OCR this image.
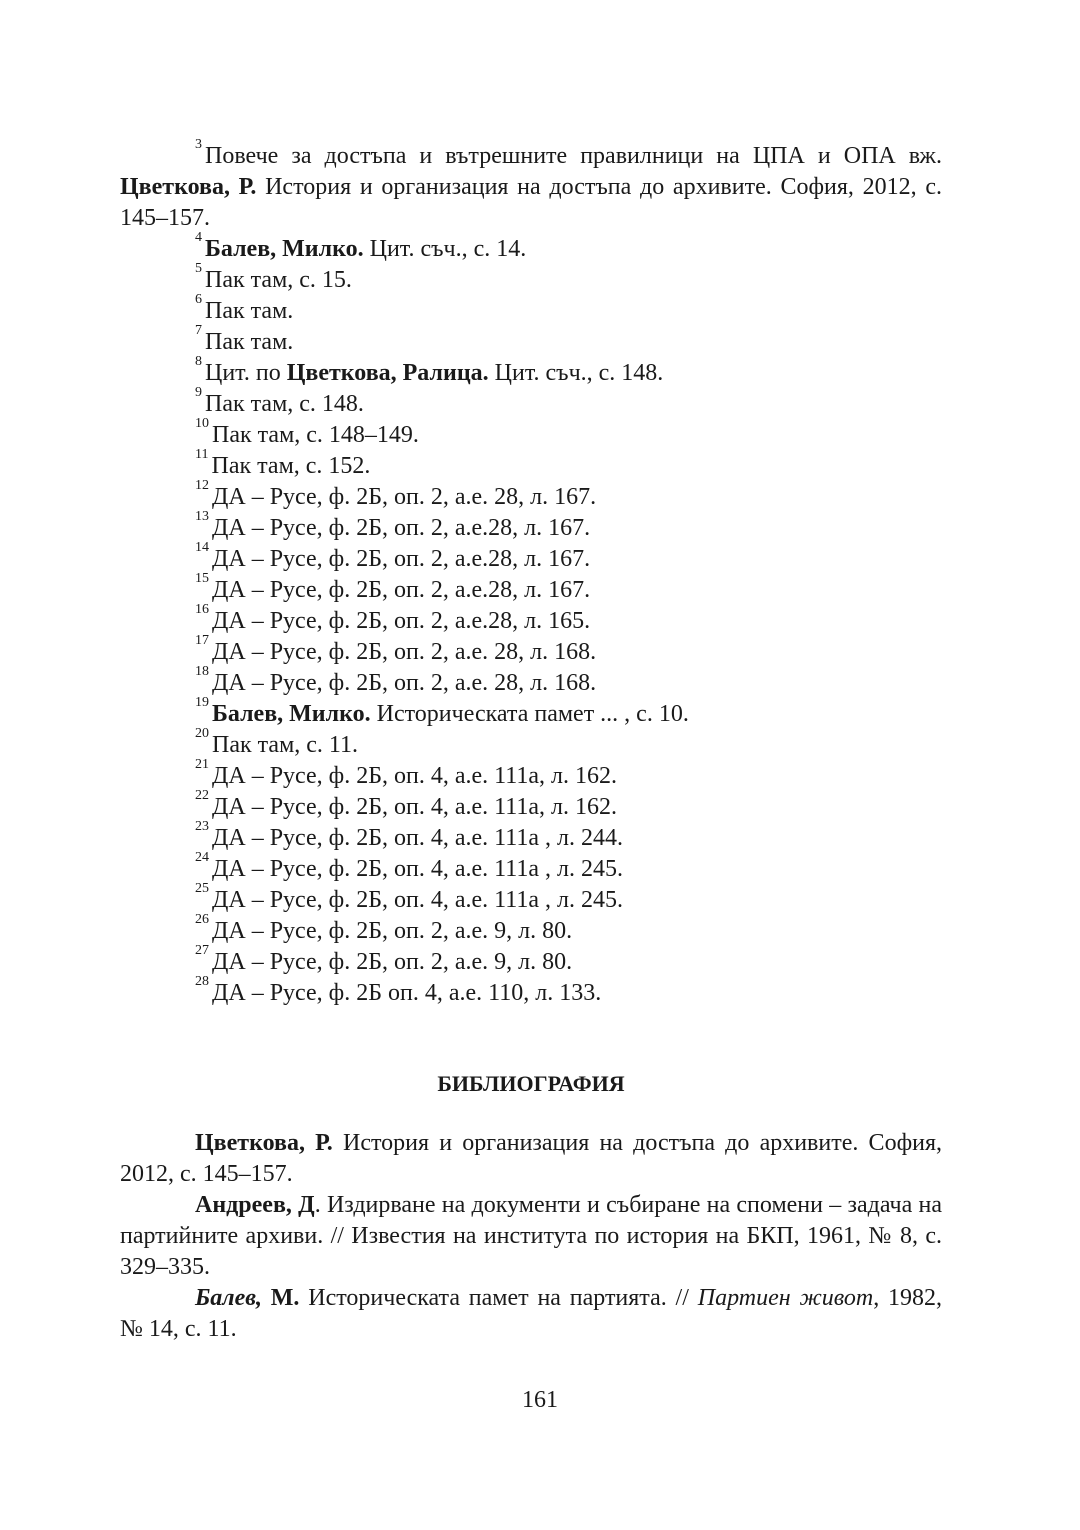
$^3$ Повече за достъпа и вътрешните правилници на ЦПА и ОПА вж. Цветкова, Р. История и организация на достъпа до архивите. София, 2012, с. 145–157.

$^4$ Балев, Милко. Цит. съч., с. 14.

$^5$ Пак там, с. 15.

$^6$ Пак там.

$^7$ Пак там.

$^8$ Цит. по Цветкова, Ралица. Цит. съч., с. 148.

$^9$ Пак там, с. 148.

$^{10}$ Пак там, с. 148–149.

$^{11}$ Пак там, с. 152.

$^{12}$ ДА – Русе, ф. 2Б, оп. 2, а.е. 28, л. 167.

$^{13}$ ДА – Русе, ф. 2Б, оп. 2, а.е.28, л. 167.

$^{14}$ ДА – Русе, ф. 2Б, оп. 2, а.е.28, л. 167.

$^{15}$ ДА – Русе, ф. 2Б, оп. 2, а.е.28, л. 167.

$^{16}$ ДА – Русе, ф. 2Б, оп. 2, а.е.28, л. 165.

$^{17}$ ДА – Русе, ф. 2Б, оп. 2, а.е. 28, л. 168.

$^{18}$ ДА – Русе, ф. 2Б, оп. 2, а.е. 28, л. 168.

$^{19}$ Балев, Милко. Историческата памет ... , с. 10.

$^{20}$ Пак там, с. 11.

$^{21}$ ДА – Русе, ф. 2Б, оп. 4, а.е. 111а, л. 162.

$^{22}$ ДА – Русе, ф. 2Б, оп. 4, а.е. 111а, л. 162.

$^{23}$ ДА – Русе, ф. 2Б, оп. 4, а.е. 111а , л. 244.

$^{24}$ ДА – Русе, ф. 2Б, оп. 4, а.е. 111а , л. 245.

$^{25}$ ДА – Русе, ф. 2Б, оп. 4, а.е. 111а , л. 245.

$^{26}$ ДА – Русе, ф. 2Б, оп. 2, а.е. 9, л. 80.

$^{27}$ ДА – Русе, ф. 2Б, оп. 2, а.е. 9, л. 80.

$^{28}$ ДА – Русе, ф. 2Б оп. 4, а.е. 110, л. 133.

БИБЛИОГРАФИЯ

Цветкова, Р. История и организация на достъпа до архивите. София, 2012, с. 145–157.

Андреев, Д. Издирване на документи и събиране на спомени – задача на партийните архиви. // Известия на института по история на БКП, 1961, № 8, с. 329–335.

Балев, М. Историческата памет на партията. // Партиен живот, 1982, № 14, с. 11.

161
